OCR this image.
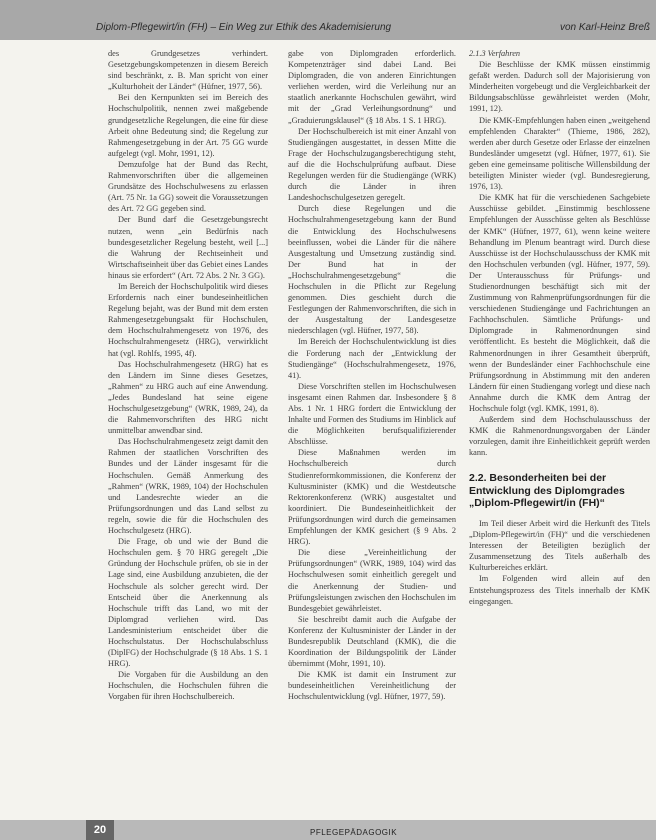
Diplom-Pflegewirt/in (FH) – Ein Weg zur Ethik des Akademisierung	von Karl-Heinz Breß

des Grundgesetzes verhindert. Gesetzgebungskompetenzen in diesem Bereich sind beschränkt, z. B. Man spricht von einer „Kulturhoheit der Länder“ (Hüfner, 1977, 56).

Bei den Kernpunkten sei im Bereich des Hochschulpolitik, nennen zwei maßgebende grundgesetzliche Regelungen, die eine für diese Arbeit ohne Bedeutung sind; die Regelung zur Rahmengesetzgebung in der Art. 75 GG wurde aufgelegt (vgl. Mohr, 1991, 12).

Demzufolge hat der Bund das Recht, Rahmenvorschriften über die allgemeinen Grundsätze des Hochschulwesens zu erlassen (Art. 75 Nr. 1a GG) soweit die Voraussetzungen des Art. 72 GG gegeben sind.

Der Bund darf die Gesetzgebungsrecht nutzen, wenn „ein Bedürfnis nach bundesgesetzlicher Regelung besteht, weil [...] die Wahrung der Rechtseinheit und Wirtschaftseinheit über das Gebiet eines Landes hinaus sie erfordert“ (Art. 72 Abs. 2 Nr. 3 GG).

Im Bereich der Hochschulpolitik wird dieses Erfordernis nach einer bundeseinheitlichen Regelung bejaht, was der Bund mit dem ersten Rahmengesetzgebungsakt für Hochschulen, dem Hochschulrahmengesetz von 1976, des Hochschulrahmengesetz (HRG), verwirklicht hat (vgl. Rohlfs, 1995, 4f).

Das Hochschulrahmengesetz (HRG) hat es den Ländern im Sinne dieses Gesetzes, „Rahmen“ zu HRG auch auf eine Anwendung. „Jedes Bundesland hat seine eigene Hochschulgesetzgebung“ (WRK, 1989, 24), da die Rahmenvorschriften des HRG nicht unmittelbar anwendbar sind.

Das Hochschulrahmengesetz zeigt damit den Rahmen der staatlichen Vorschriften des Bundes und der Länder insgesamt für die Hochschulen. Gemäß Anmerkung des „Rahmen“ (WRK, 1989, 104) der Hochschulen und Landesrechte wieder an die Prüfungsordnungen und das Land selbst zu regeln, sowie die für die Hochschulen des Hochschulgesetz (HRG).

Die Frage, ob und wie der Bund die Hochschulen gem. § 70 HRG geregelt „Die Gründung der Hochschule prüfen, ob sie in der Lage sind, eine Ausbildung anzubieten, die der Hochschule als solcher gerecht wird. Der Entscheid über die Anerkennung als Hochschule trifft das Land, wo mit der Diplomgrad verliehen wird. Das Landesministerium entscheidet über die Hochschulstatus. Der Hochschulabschluss (DiplFG) der Hochschulgrade (§ 18 Abs. 1 S. 1 HRG).

Die Vorgaben für die Ausbildung an den Hochschulen, die Hochschulen führen die Vorgaben für ihren Hochschulbereich.

gabe von Diplomgraden erforderlich. Kompetenzträger sind dabei Land. Bei Diplomgraden, die von anderen Einrichtungen verliehen werden, wird die Verleihung nur an staatlich anerkannte Hochschulen gewährt, wird mit der „Grad Verleihungsordnung“ und „Graduierungsklausel“ (§ 18 Abs. 1 S. 1 HRG).

Der Hochschulbereich ist mit einer Anzahl von Studiengängen ausgestattet, in dessen Mitte die Frage der Hochschulzugangsberechtigung steht, auf die die Hochschulprüfung aufbaut. Diese Regelungen werden für die Studiengänge (WRK) durch die Länder in ihren Landeshochschulgesetzen geregelt.

Durch diese Regelungen und die Hochschulrahmengesetzgebung kann der Bund die Entwicklung des Hochschulwesens beeinflussen, wobei die Länder für die nähere Ausgestaltung und Umsetzung zuständig sind. Der Bund hat in der „Hochschulrahmengesetzgebung“ die Hochschulen in die Pflicht zur Regelung genommen. Dies geschieht durch die Festlegungen der Rahmenvorschriften, die sich in der Ausgestaltung der Landesgesetze niederschlagen (vgl. Hüfner, 1977, 58).

Im Bereich der Hochschulentwicklung ist dies die Forderung nach der „Entwicklung der Studiengänge“ (Hochschulrahmengesetz, 1976, 41).

Diese Vorschriften stellen im Hochschulwesen insgesamt einen Rahmen dar. Insbesondere § 8 Abs. 1 Nr. 1 HRG fordert die Entwicklung der Inhalte und Formen des Studiums im Hinblick auf die Möglichkeiten berufsqualifizierender Abschlüsse.

Diese Maßnahmen werden im Hochschulbereich durch Studienreformkommissionen, die Konferenz der Kultusminister (KMK) und die Westdeutsche Rektorenkonferenz (WRK) ausgestaltet und koordiniert. Die Bundeseinheitlichkeit der Prüfungsordnungen wird durch die gemeinsamen Empfehlungen der KMK gesichert (§ 9 Abs. 2 HRG).

Die diese „Vereinheitlichung der Prüfungsordnungen“ (WRK, 1989, 104) wird das Hochschulwesen somit einheitlich geregelt und die Anerkennung der Studien- und Prüfungsleistungen zwischen den Hochschulen im Bundesgebiet gewährleistet.

Sie beschreibt damit auch die Aufgabe der Konferenz der Kultusminister der Länder in der Bundesrepublik Deutschland (KMK), die die Koordination der Bildungspolitik der Länder übernimmt (Mohr, 1991, 10).

Die KMK ist damit ein Instrument zur bundeseinheitlichen Vereinheitlichung der Hochschulentwicklung (vgl. Hüfner, 1977, 59).

2.1.3 Verfahren

Die Beschlüsse der KMK müssen einstimmig gefaßt werden. Dadurch soll der Majorisierung von Minderheiten vorgebeugt und die Vergleichbarkeit der Bildungsabschlüsse gewährleistet werden (Mohr, 1991, 12).

Die KMK-Empfehlungen haben einen „weitgehend empfehlenden Charakter“ (Thieme, 1986, 282), werden aber durch Gesetze oder Erlasse der einzelnen Bundesländer umgesetzt (vgl. Hüfner, 1977, 61). Sie geben eine gemeinsame politische Willensbildung der beteiligten Minister wieder (vgl. Bundesregierung, 1976, 13).

Die KMK hat für die verschiedenen Sachgebiete Ausschüsse gebildet. „Einstimmig beschlossene Empfehlungen der Ausschüsse gelten als Beschlüsse der KMK“ (Hüfner, 1977, 61), wenn keine weitere Behandlung im Plenum beantragt wird. Durch diese Ausschüsse ist der Hochschulausschuss der KMK mit den Hochschulen verbunden (vgl. Hüfner, 1977, 59). Der Unterausschuss für Prüfungs- und Studienordnungen beschäftigt sich mit der Zustimmung von Rahmenprüfungsordnungen für die verschiedenen Studiengänge und Fachrichtungen an Fachhochschulen. Sämtliche Prüfungs- und Diplomgrade in Rahmenordnungen sind veröffentlicht. Es besteht die Möglichkeit, daß die Rahmenordnungen in ihrer Gesamtheit überprüft, wenn der Bundesländer einer Fachhochschule eine Prüfungsordnung in Abstimmung mit den anderen Ländern für einen Studiengang vorlegt und diese nach Annahme durch die KMK dem Antrag der Hochschule folgt (vgl. KMK, 1991, 8).

Außerdem sind dem Hochschulausschuss der KMK die Rahmenordnungsvorgaben der Länder vorzulegen, damit ihre Einheitlichkeit geprüft werden kann.

2.2. Besonderheiten bei der Entwicklung des Diplomgrades „Diplom-Pflegewirt/in (FH)“

Im Teil dieser Arbeit wird die Herkunft des Titels „Diplom-Pflegewirt/in (FH)“ und die verschiedenen Interessen der Beteiligten bezüglich der Zusammensetzung des Titels außerhalb des Kulturbereiches erklärt.

Im Folgenden wird allein auf den Entstehungsprozess des Titels innerhalb der KMK eingegangen.

20	PFLEGEPÄDAGOGIK
